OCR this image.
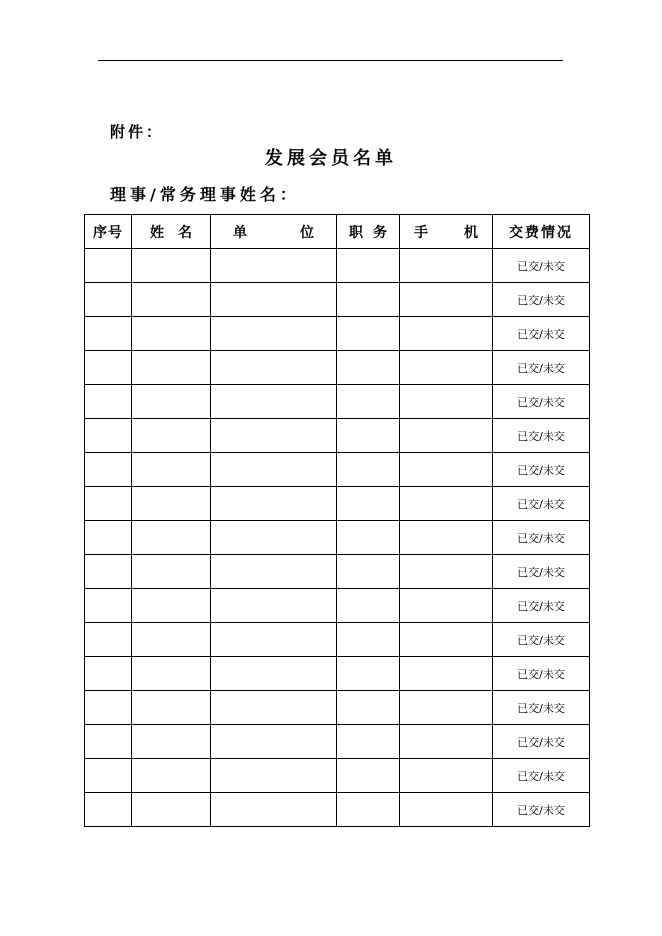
附件：
发展会员名单
理事/常务理事姓名：
序号	姓名	单 位	职务	手 机	交费情况
					已交/未交
					已交/未交
					已交/未交
					已交/未交
					已交/未交
					已交/未交
					已交/未交
					已交/未交
					已交/未交
					已交/未交
					已交/未交
					已交/未交
					已交/未交
					已交/未交
					已交/未交
					已交/未交
					已交/未交
